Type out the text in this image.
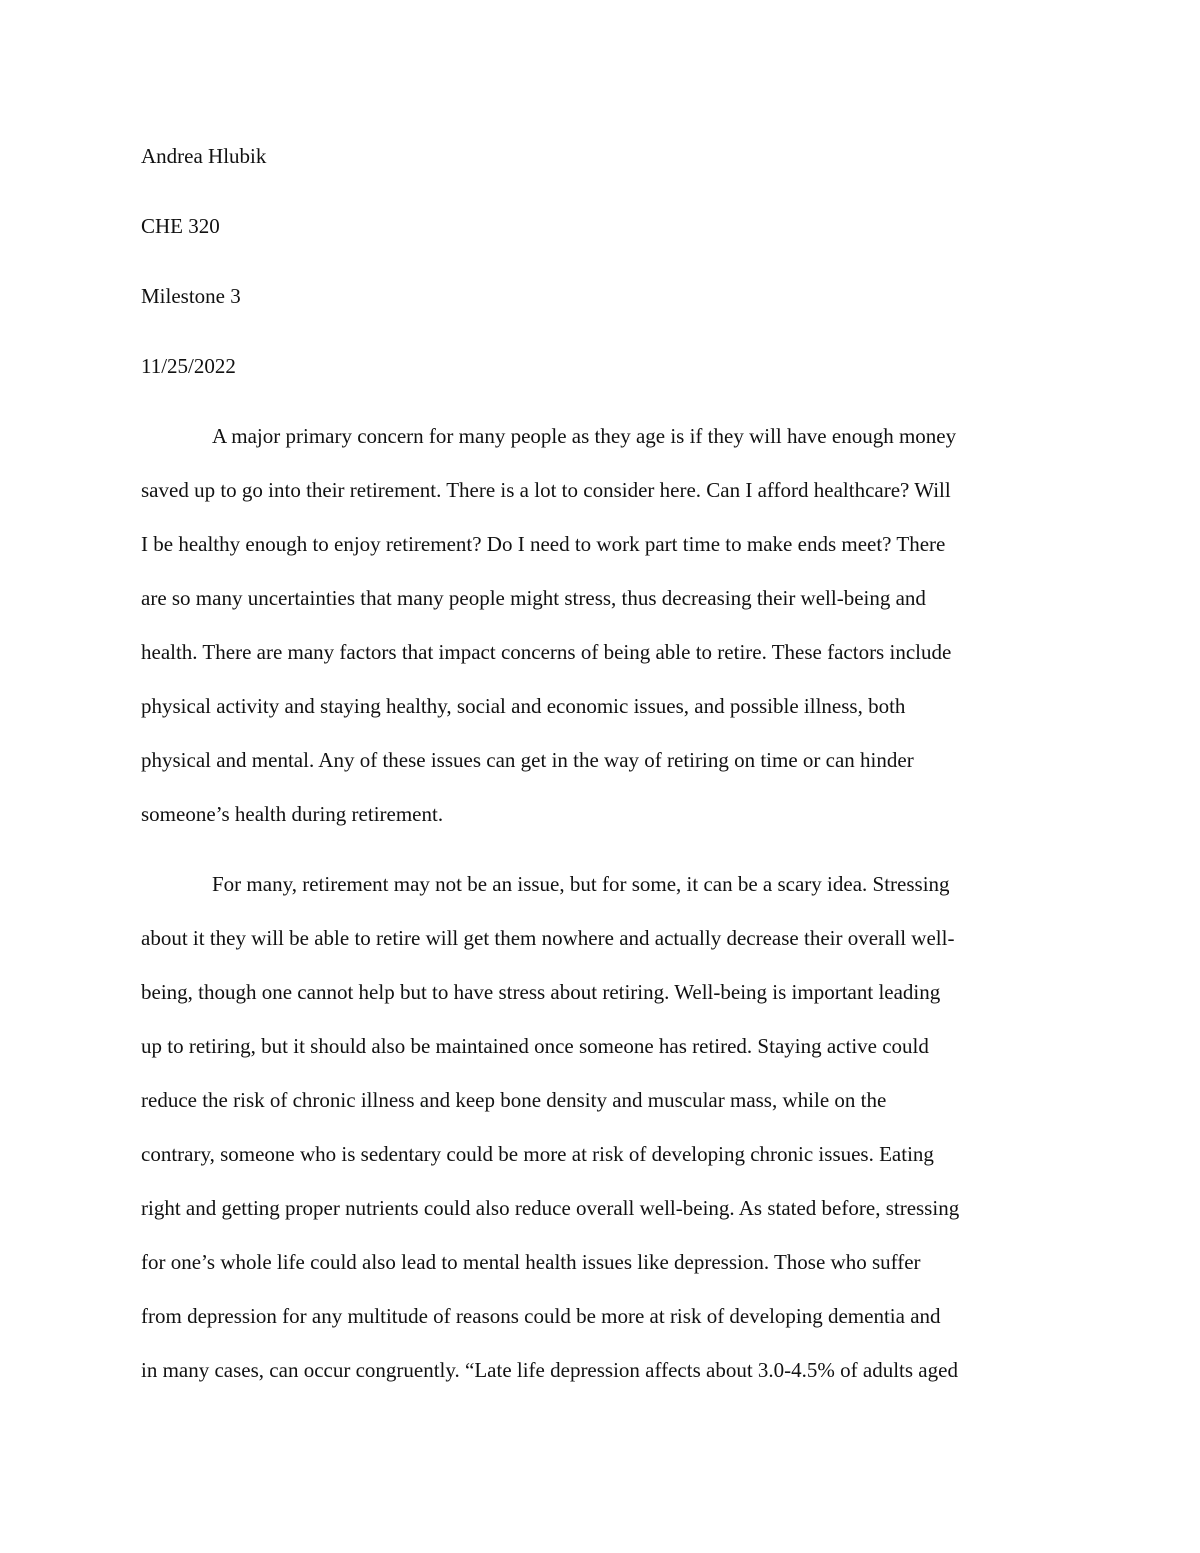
Andrea Hlubik
CHE 320
Milestone 3
11/25/2022
A major primary concern for many people as they age is if they will have enough money
saved up to go into their retirement. There is a lot to consider here. Can I afford healthcare? Will
I be healthy enough to enjoy retirement? Do I need to work part time to make ends meet? There
are so many uncertainties that many people might stress, thus decreasing their well-being and
health. There are many factors that impact concerns of being able to retire. These factors include
physical activity and staying healthy, social and economic issues, and possible illness, both
physical and mental. Any of these issues can get in the way of retiring on time or can hinder
someone’s health during retirement.
For many, retirement may not be an issue, but for some, it can be a scary idea. Stressing
about it they will be able to retire will get them nowhere and actually decrease their overall well-
being, though one cannot help but to have stress about retiring. Well-being is important leading
up to retiring, but it should also be maintained once someone has retired. Staying active could
reduce the risk of chronic illness and keep bone density and muscular mass, while on the
contrary, someone who is sedentary could be more at risk of developing chronic issues. Eating
right and getting proper nutrients could also reduce overall well-being. As stated before, stressing
for one’s whole life could also lead to mental health issues like depression. Those who suffer
from depression for any multitude of reasons could be more at risk of developing dementia and
in many cases, can occur congruently. “Late life depression affects about 3.0-4.5% of adults aged
